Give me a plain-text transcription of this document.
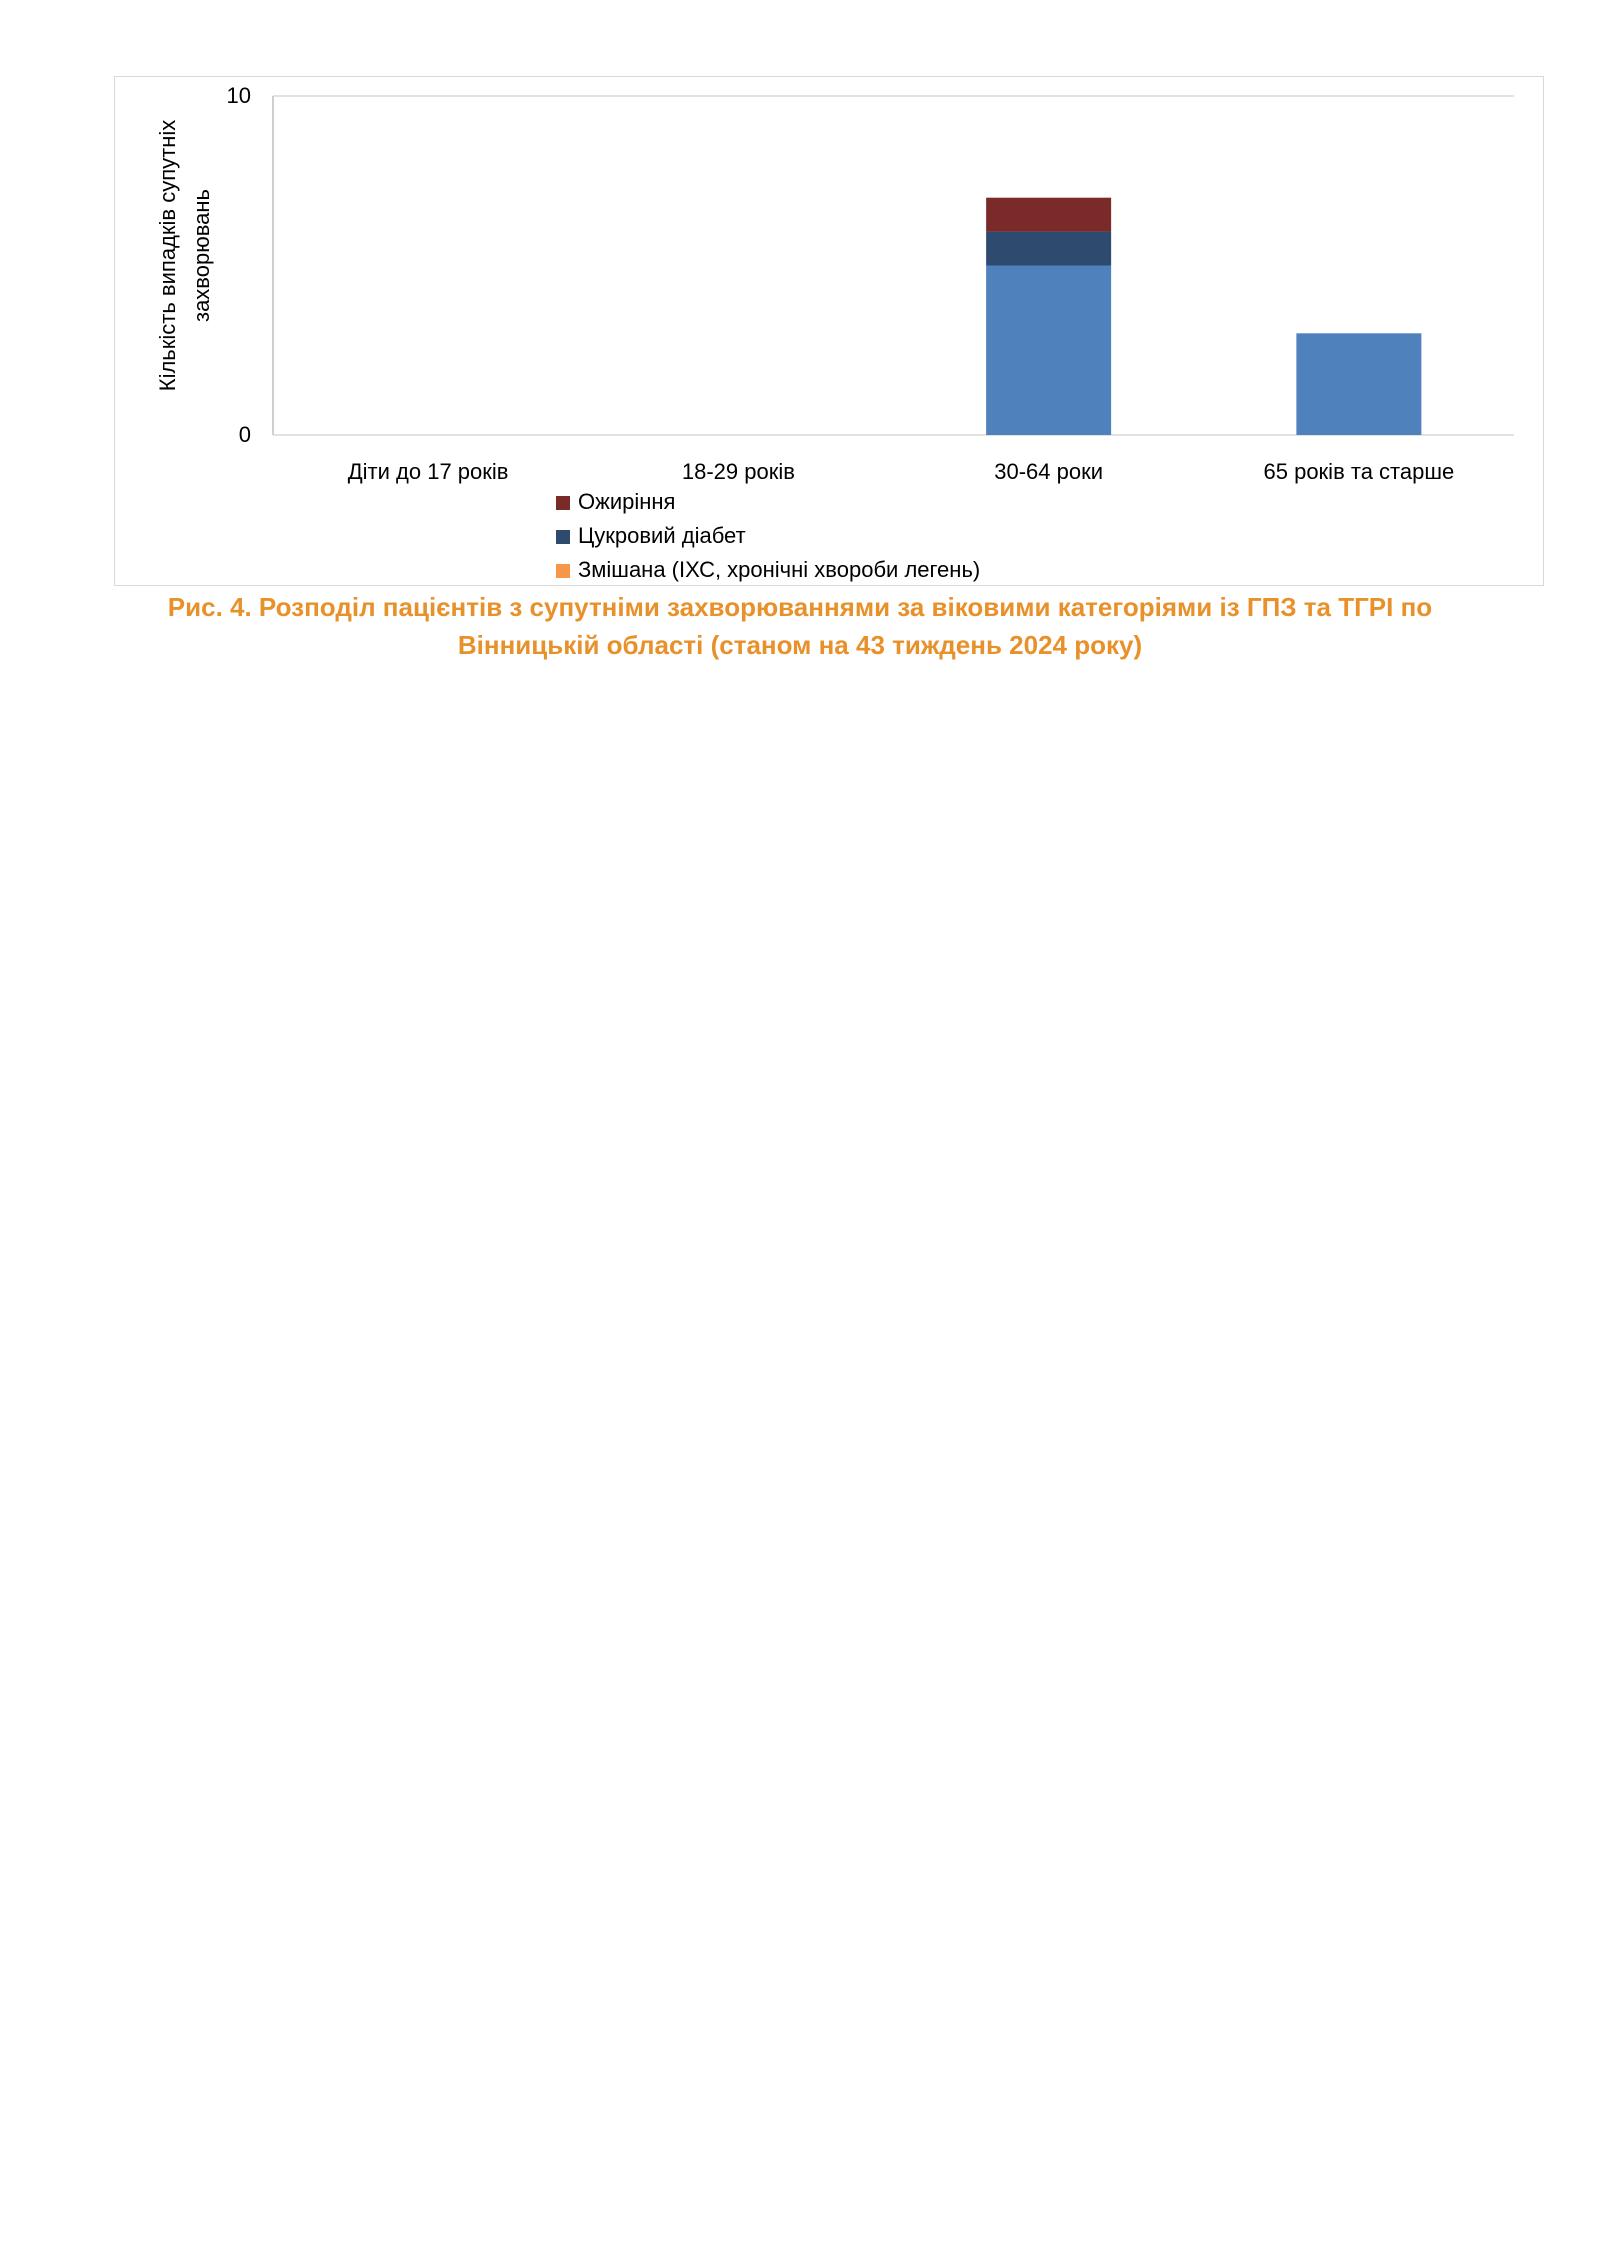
0
10
Кількість випадків супутніх захворювань
Діти до 17 років	18-29 років	30-64 роки	65 років та старше
Ожиріння
Цукровий діабет
Змішана (ІХС, хронічні хвороби легень)
Рис. 4. Розподіл пацієнтів з супутніми захворюваннями за віковими категоріями із ГПЗ та ТГРІ по
Вінницькій області (станом на 43 тиждень 2024 року)
